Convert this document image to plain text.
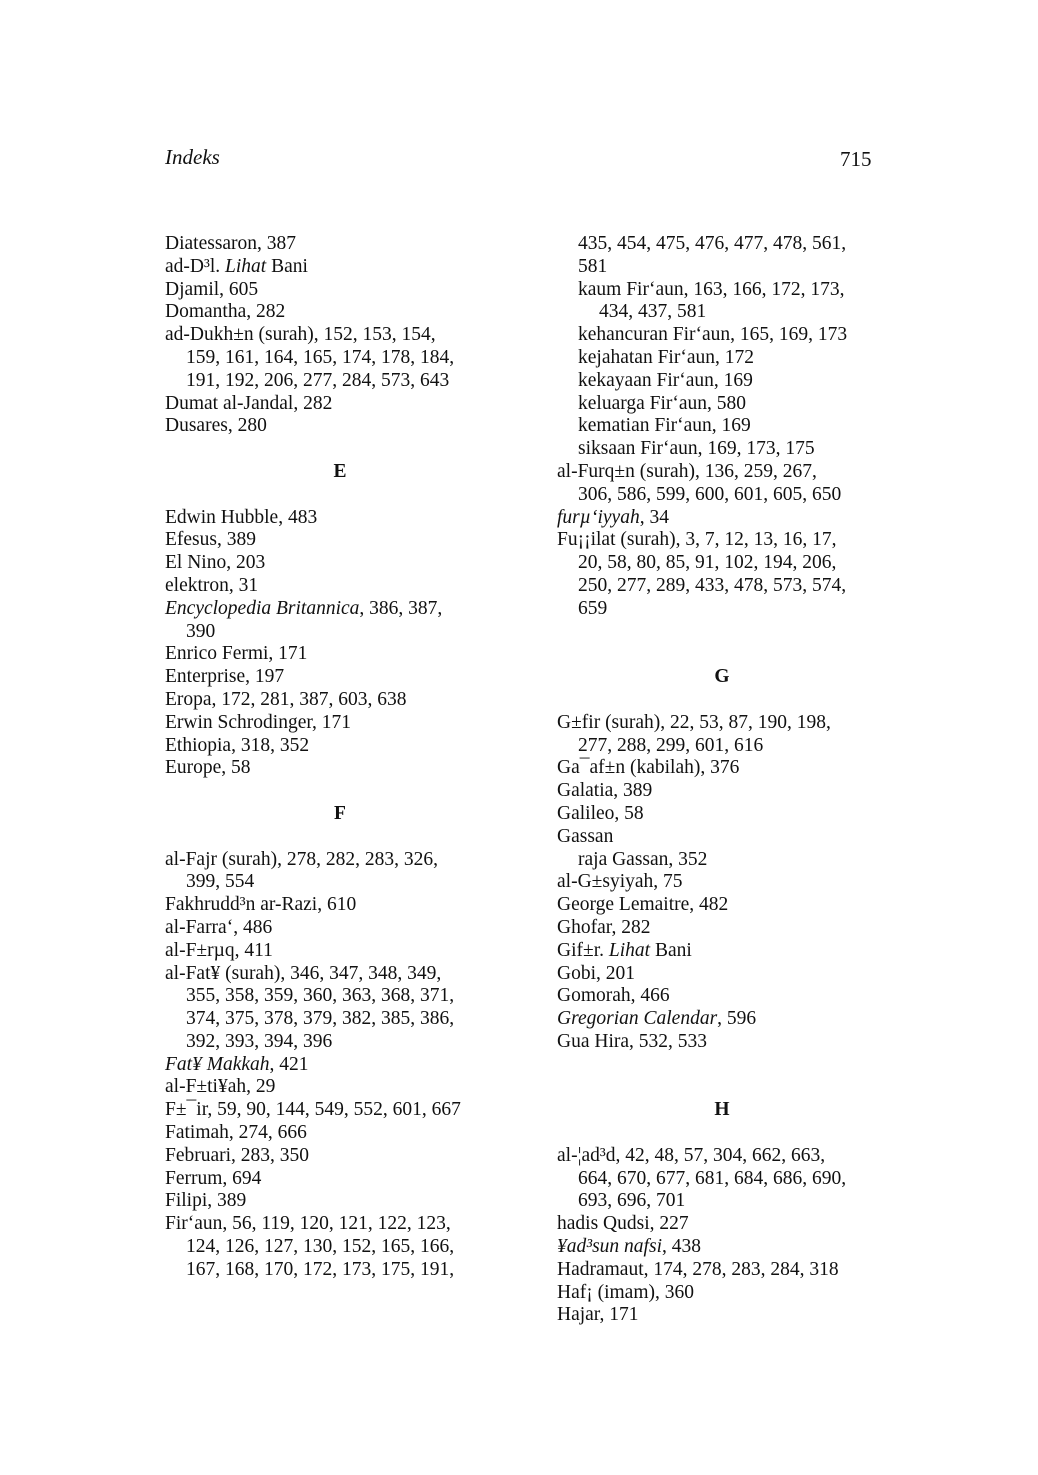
Indeks	715
Diatessaron, 387
ad-D³l. Lihat Bani
Djamil, 605
Domantha, 282
ad-Dukh±n (surah), 152, 153, 154,
159, 161, 164, 165, 174, 178, 184,
191, 192, 206, 277, 284, 573, 643
Dumat al-Jandal, 282
Dusares, 280
E
Edwin Hubble, 483
Efesus, 389
El Nino, 203
elektron, 31
Encyclopedia Britannica, 386, 387,
390
Enrico Fermi, 171
Enterprise, 197
Eropa, 172, 281, 387, 603, 638
Erwin Schrodinger, 171
Ethiopia, 318, 352
Europe, 58
F
al-Fajr (surah), 278, 282, 283, 326,
399, 554
Fakhrudd³n ar-Razi, 610
al-Farra‘, 486
al-F±rµq, 411
al-Fat¥ (surah), 346, 347, 348, 349,
355, 358, 359, 360, 363, 368, 371,
374, 375, 378, 379, 382, 385, 386,
392, 393, 394, 396
Fat¥ Makkah, 421
al-F±ti¥ah, 29
F±¯ir, 59, 90, 144, 549, 552, 601, 667
Fatimah, 274, 666
Februari, 283, 350
Ferrum, 694
Filipi, 389
Fir‘aun, 56, 119, 120, 121, 122, 123,
124, 126, 127, 130, 152, 165, 166,
167, 168, 170, 172, 173, 175, 191,
435, 454, 475, 476, 477, 478, 561,
581
kaum Fir‘aun, 163, 166, 172, 173,
434, 437, 581
kehancuran Fir‘aun, 165, 169, 173
kejahatan Fir‘aun, 172
kekayaan Fir‘aun, 169
keluarga Fir‘aun, 580
kematian Fir‘aun, 169
siksaan Fir‘aun, 169, 173, 175
al-Furq±n (surah), 136, 259, 267,
306, 586, 599, 600, 601, 605, 650
furµ‘iyyah, 34
Fu¡¡ilat (surah), 3, 7, 12, 13, 16, 17,
20, 58, 80, 85, 91, 102, 194, 206,
250, 277, 289, 433, 478, 573, 574,
659
G
G±fir (surah), 22, 53, 87, 190, 198,
277, 288, 299, 601, 616
Ga¯af±n (kabilah), 376
Galatia, 389
Galileo, 58
Gassan
raja Gassan, 352
al-G±syiyah, 75
George Lemaitre, 482
Ghofar, 282
Gif±r. Lihat Bani
Gobi, 201
Gomorah, 466
Gregorian Calendar, 596
Gua Hira, 532, 533
H
al-¦ad³d, 42, 48, 57, 304, 662, 663,
664, 670, 677, 681, 684, 686, 690,
693, 696, 701
hadis Qudsi, 227
¥ad³sun nafsi, 438
Hadramaut, 174, 278, 283, 284, 318
Haf¡ (imam), 360
Hajar, 171
